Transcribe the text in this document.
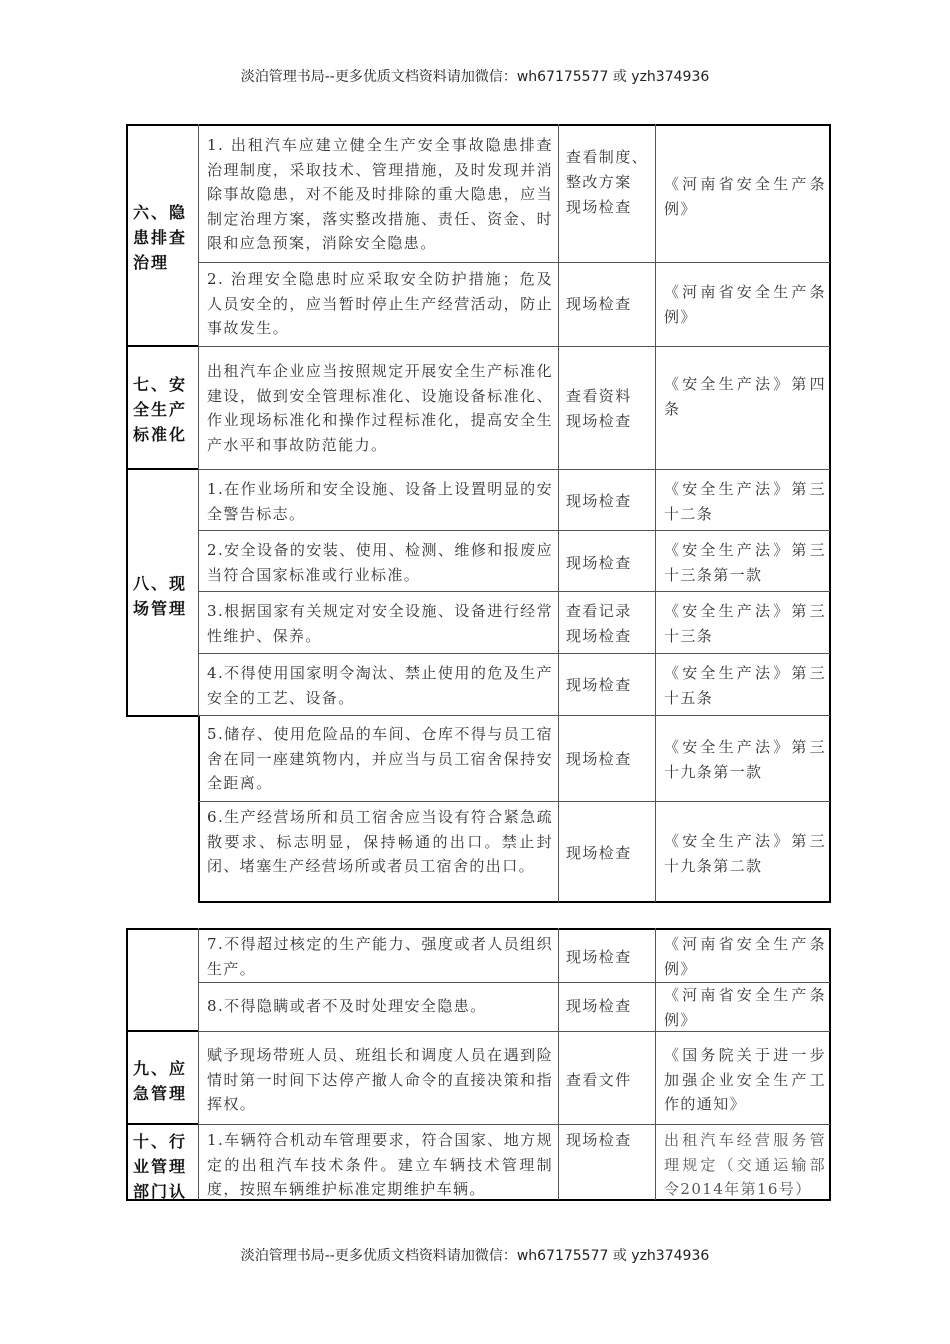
淡泊管理书局--更多优质文档资料请加微信：wh67175577 或 yzh374936
六、隐患排查治理
1. 出租汽车应建立健全生产安全事故隐患排查治理制度，采取技术、管理措施，及时发现并消除事故隐患，对不能及时排除的重大隐患，应当制定治理方案，落实整改措施、责任、资金、时限和应急预案，消除安全隐患。
查看制度、整改方案
现场检查
《河南省安全生产条例》
2. 治理安全隐患时应采取安全防护措施；危及人员安全的，应当暂时停止生产经营活动，防止事故发生。
现场检查
《河南省安全生产条例》
七、安全生产标准化
出租汽车企业应当按照规定开展安全生产标准化建设，做到安全管理标准化、设施设备标准化、作业现场标准化和操作过程标准化，提高安全生产水平和事故防范能力。
查看资料
现场检查
《安全生产法》第四条
八、现场管理
1.在作业场所和安全设施、设备上设置明显的安全警告标志。
现场检查
《安全生产法》第三十二条
2.安全设备的安装、使用、检测、维修和报废应当符合国家标准或行业标准。
现场检查
《安全生产法》第三十三条第一款
3.根据国家有关规定对安全设施、设备进行经常性维护、保养。
查看记录
现场检查
《安全生产法》第三十三条
4.不得使用国家明令淘汰、禁止使用的危及生产安全的工艺、设备。
现场检查
《安全生产法》第三十五条
5.储存、使用危险品的车间、仓库不得与员工宿舍在同一座建筑物内，并应当与员工宿舍保持安全距离。
现场检查
《安全生产法》第三十九条第一款
6.生产经营场所和员工宿舍应当设有符合紧急疏散要求、标志明显，保持畅通的出口。禁止封闭、堵塞生产经营场所或者员工宿舍的出口。
现场检查
《安全生产法》第三十九条第二款
7.不得超过核定的生产能力、强度或者人员组织生产。
现场检查
《河南省安全生产条例》
8.不得隐瞒或者不及时处理安全隐患。	现场检查
《河南省安全生产条例》
九、应急管理
赋予现场带班人员、班组长和调度人员在遇到险情时第一时间下达停产撤人命令的直接决策和指挥权。
查看文件
《国务院关于进一步加强企业安全生产工作的通知》
十、行业管理部门认
1.车辆符合机动车管理要求，符合国家、地方规定的出租汽车技术条件。建立车辆技术管理制度，按照车辆维护标准定期维护车辆。
现场检查	出租汽车经营服务管理规定（交通运输部令2014年第16号）
淡泊管理书局--更多优质文档资料请加微信：wh67175577 或 yzh374936
